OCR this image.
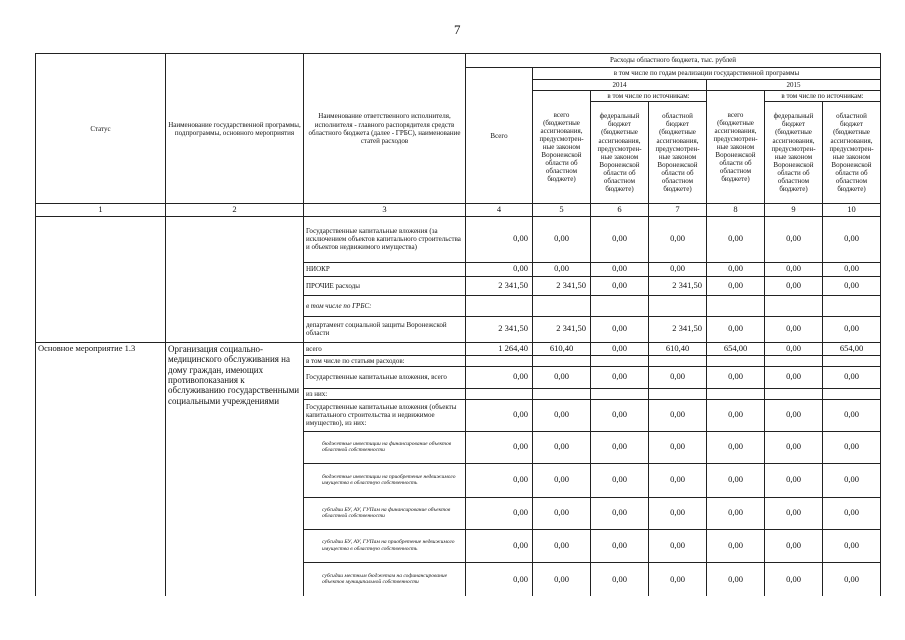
7
Статус	Наименование государственной программы, подпрограммы, основного мероприятия	Наименование ответственного исполнителя, исполнителя - главного распорядителя средств областного бюджета (далее - ГРБС), наименование статей расходов	Расходы областного бюджета, тыс. рублей						
			Всего	в том числе по годам реализации государственной программы					
				2014			2015		
				всего (бюджетные ассигнования, предусмотрен-ные законом Воронежской области об областном бюджете)	в том числе по источникам:		всего (бюджетные ассигнования, предусмотрен-ные законом Воронежской области об областном бюджете)	в том числе по источникам:	
					федеральный бюджет (бюджетные ассигнования, предусмотрен-ные законом Воронежской области об областном бюджете)	областной бюджет (бюджетные ассигнования, предусмотрен-ные законом Воронежской области об областном бюджете)		федеральный бюджет (бюджетные ассигнования, предусмотрен-ные законом Воронежской области об областном бюджете)	областной бюджет (бюджетные ассигнования, предусмотрен-ные законом Воронежской области об областном бюджете)
1	2	3	4	5	6	7	8	9	10
		Государственные капитальные вложения (за исключением объектов капитального строительства и объектов недвижимого имущества)	0,00	0,00	0,00	0,00	0,00	0,00	0,00
		НИОКР	0,00	0,00	0,00	0,00	0,00	0,00	0,00
		ПРОЧИЕ расходы	2 341,50	2 341,50	0,00	2 341,50	0,00	0,00	0,00
		в том числе по ГРБС:							
		департамент социальной защиты Воронежской области	2 341,50	2 341,50	0,00	2 341,50	0,00	0,00	0,00
Основное мероприятие 1.3	Организация социально-медицинского обслуживания на дому граждан, имеющих противопоказания к обслуживанию государственными социальными учреждениями	всего	1 264,40	610,40	0,00	610,40	654,00	0,00	654,00
		в том числе по статьям расходов:							
		Государственные капитальные вложения, всего	0,00	0,00	0,00	0,00	0,00	0,00	0,00
		из них:							
		Государственные капитальные вложения (объекты капитального строительства и недвижимое имущество), из них:	0,00	0,00	0,00	0,00	0,00	0,00	0,00
		бюджетные инвестиции на финансирование объектов областной собственности	0,00	0,00	0,00	0,00	0,00	0,00	0,00
		бюджетные инвестиции на приобретение недвижимого имущества в областную собственность	0,00	0,00	0,00	0,00	0,00	0,00	0,00
		субсидии БУ, АУ, ГУПам на финансирование объектов областной собственности	0,00	0,00	0,00	0,00	0,00	0,00	0,00
		субсидии БУ, АУ, ГУПам на приобретение недвижимого имущества в областную собственность	0,00	0,00	0,00	0,00	0,00	0,00	0,00
		субсидии местным бюджетам на софинансирование объектов муниципальной собственности	0,00	0,00	0,00	0,00	0,00	0,00	0,00
